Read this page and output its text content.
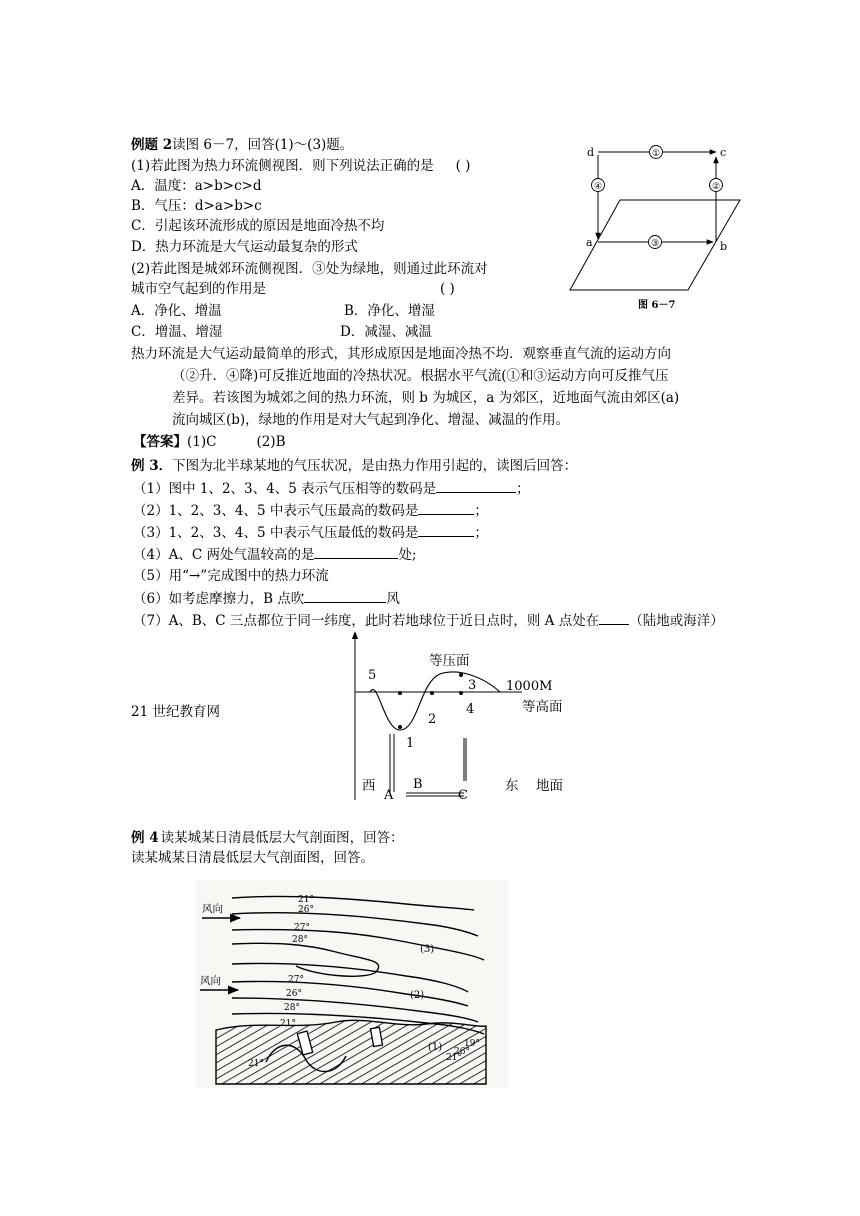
例题 2读图 6－7，回答(1)～(3)题。
(1)若此图为热力环流侧视图．则下列说法正确的是 ( )
A．温度：a>b>c>d
B．气压：d>a>b>c
C．引起该环流形成的原因是地面冷热不均
D．热力环流是大气运动最复杂的形式
(2)若此图是城郊环流侧视图．③处为绿地，则通过此环流对
城市空气起到的作用是	( )
A．净化、增温	B．净化、增湿
C．增温、增湿	D．减湿、减温
热力环流是大气运动最简单的形式，其形成原因是地面冷热不均．观察垂直气流的运动方向
（②升．④降)可反推近地面的冷热状况。根据水平气流(①和③运动方向可反推气压
差异。若该图为城郊之间的热力环流，则 b 为城区，a 为郊区，近地面气流由郊区(a)
流向城区(b)，绿地的作用是对大气起到净化、增湿、减温的作用。
【答案】(1)C	(2)B
①
②
③
④
d	c
a	b
图 6－7
例 3．下图为北半球某地的气压状况，是由热力作用引起的，读图后回答：
（1）图中 1、2、3、4、5 表示气压相等的数码是	；
（2）1、2、3、4、5 中表示气压最高的数码是	；
（3）1、2、3、4、5 中表示气压最低的数码是	；
（4）A、C 两处气温较高的是	处;
（5）用“→”完成图中的热力环流
（6）如考虑摩擦力，B 点吹	风
（7）A、B、C 三点都位于同一纬度，此时若地球位于近日点时，则 A 点处在 （陆地或海洋）
21 世纪教育网
5
3
2
4
1
等压面
1000M
等高面
西	东 地面
A
B
C
例 4 读某城某日清晨低层大气剖面图，回答：
读某城某日清晨低层大气剖面图，回答。
风向
风向
21°
26°
27°
28°
27°
26°
28°
21°
19°
26°
21°
21°
(3)
(2)
(1)
